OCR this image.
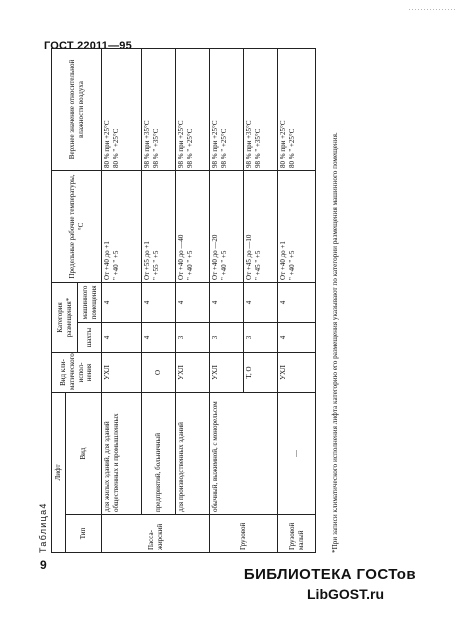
................
ГОСТ 22011—95
Таблица4
Лифт		Вид кли-матического испол-нения	Категория размещения*		Предельные рабочие температуры, °С	Верхнее значение относительной влажности воздуха
Тип	Вид					
			шахты	машинного помещения		
Пасса-жирский	для жилых зданий, для зданий общественных и промышленных	УХЛ	4	4	От +40 до +1 " +40 " +5	80 % при +25°С 80 % " +25°С

	предприятий, больничный	О	4	4	От +55 до +1 " +55 " +5	98 % при +35°С 98 % " +35°С

	для производственных зданий	УХЛ	3	4	От +40 до —40 " +40 " +5	98 % при +25°С 98 % " +25°С

Грузовой	обычный, выжимной, с монорельсом	УХЛ	3	4	От +40 до —20 " +40 " +5	98 % при +25°С 98 % " +25°С

		Т, О	3	4	От +45 до —10 " +45 " +5	98 % при +35°С 98 % " +35°С

Грузовой малый	—	УХЛ	4	4	От +40 до +1 " +40 " +5	80 % при +25°С 80 % " +25°С	*При записи климатического исполнения лифта категорию его размещения указывают по категории размещения машинного помещения.
9
БИБЛИОТЕКА ГОСТов
LibGOST.ru
